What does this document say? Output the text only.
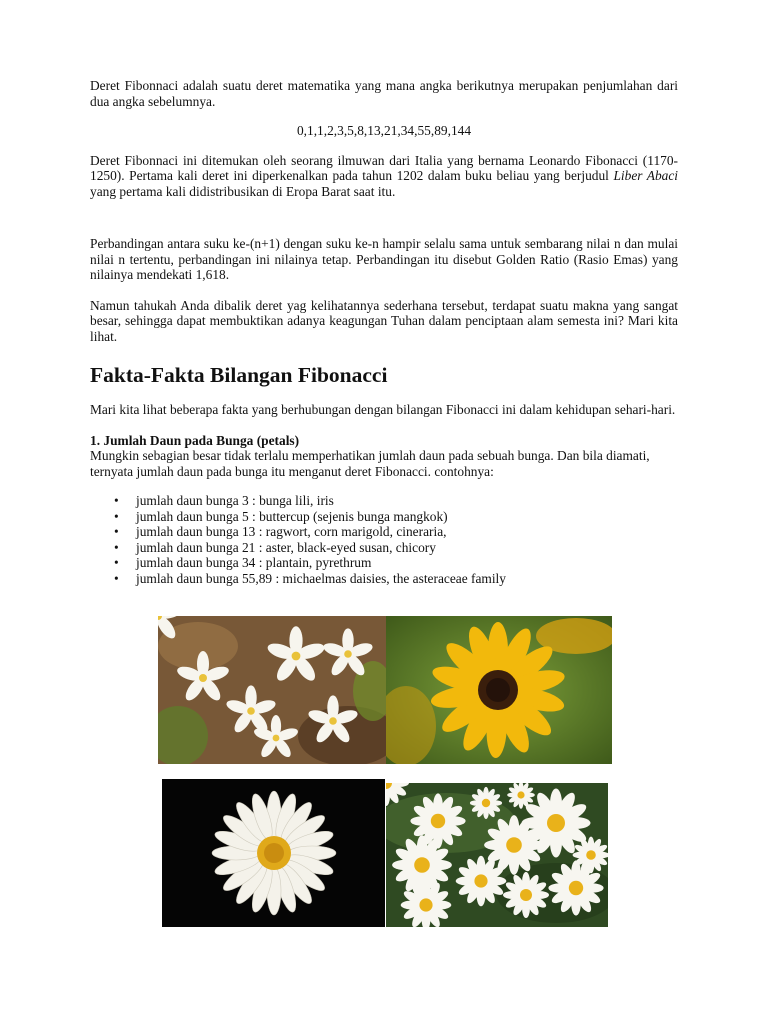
Deret Fibonnaci adalah suatu deret matematika yang mana angka berikutnya merupakan penjumlahan dari dua angka sebelumnya.

0,1,1,2,3,5,8,13,21,34,55,89,144

Deret Fibonnaci ini ditemukan oleh seorang ilmuwan dari Italia yang bernama Leonardo Fibonacci (1170-1250). Pertama kali deret ini diperkenalkan pada tahun 1202 dalam buku beliau yang berjudul Liber Abaci yang pertama kali didistribusikan di Eropa Barat saat itu.

Perbandingan antara suku ke-(n+1) dengan suku ke-n hampir selalu sama untuk sembarang nilai n dan mulai nilai n tertentu, perbandingan ini nilainya tetap. Perbandingan itu disebut Golden Ratio (Rasio Emas) yang nilainya mendekati 1,618.

Namun tahukah Anda dibalik deret yag kelihatannya sederhana tersebut, terdapat suatu makna yang sangat besar, sehingga dapat membuktikan adanya keagungan Tuhan dalam penciptaan alam semesta ini? Mari kita lihat.

Fakta-Fakta Bilangan Fibonacci

Mari kita lihat beberapa fakta yang berhubungan dengan bilangan Fibonacci ini dalam kehidupan sehari-hari.

1. Jumlah Daun pada Bunga (petals)

Mungkin sebagian besar tidak terlalu memperhatikan jumlah daun pada sebuah bunga. Dan bila diamati, ternyata jumlah daun pada bunga itu menganut deret Fibonacci. contohnya:

• jumlah daun bunga 3 : bunga lili, iris
• jumlah daun bunga 5 : buttercup (sejenis bunga mangkok)
• jumlah daun bunga 13 : ragwort, corn marigold, cineraria,
• jumlah daun bunga 21 : aster, black-eyed susan, chicory
• jumlah daun bunga 34 : plantain, pyrethrum
• jumlah daun bunga 55,89 : michaelmas daisies, the asteraceae family
